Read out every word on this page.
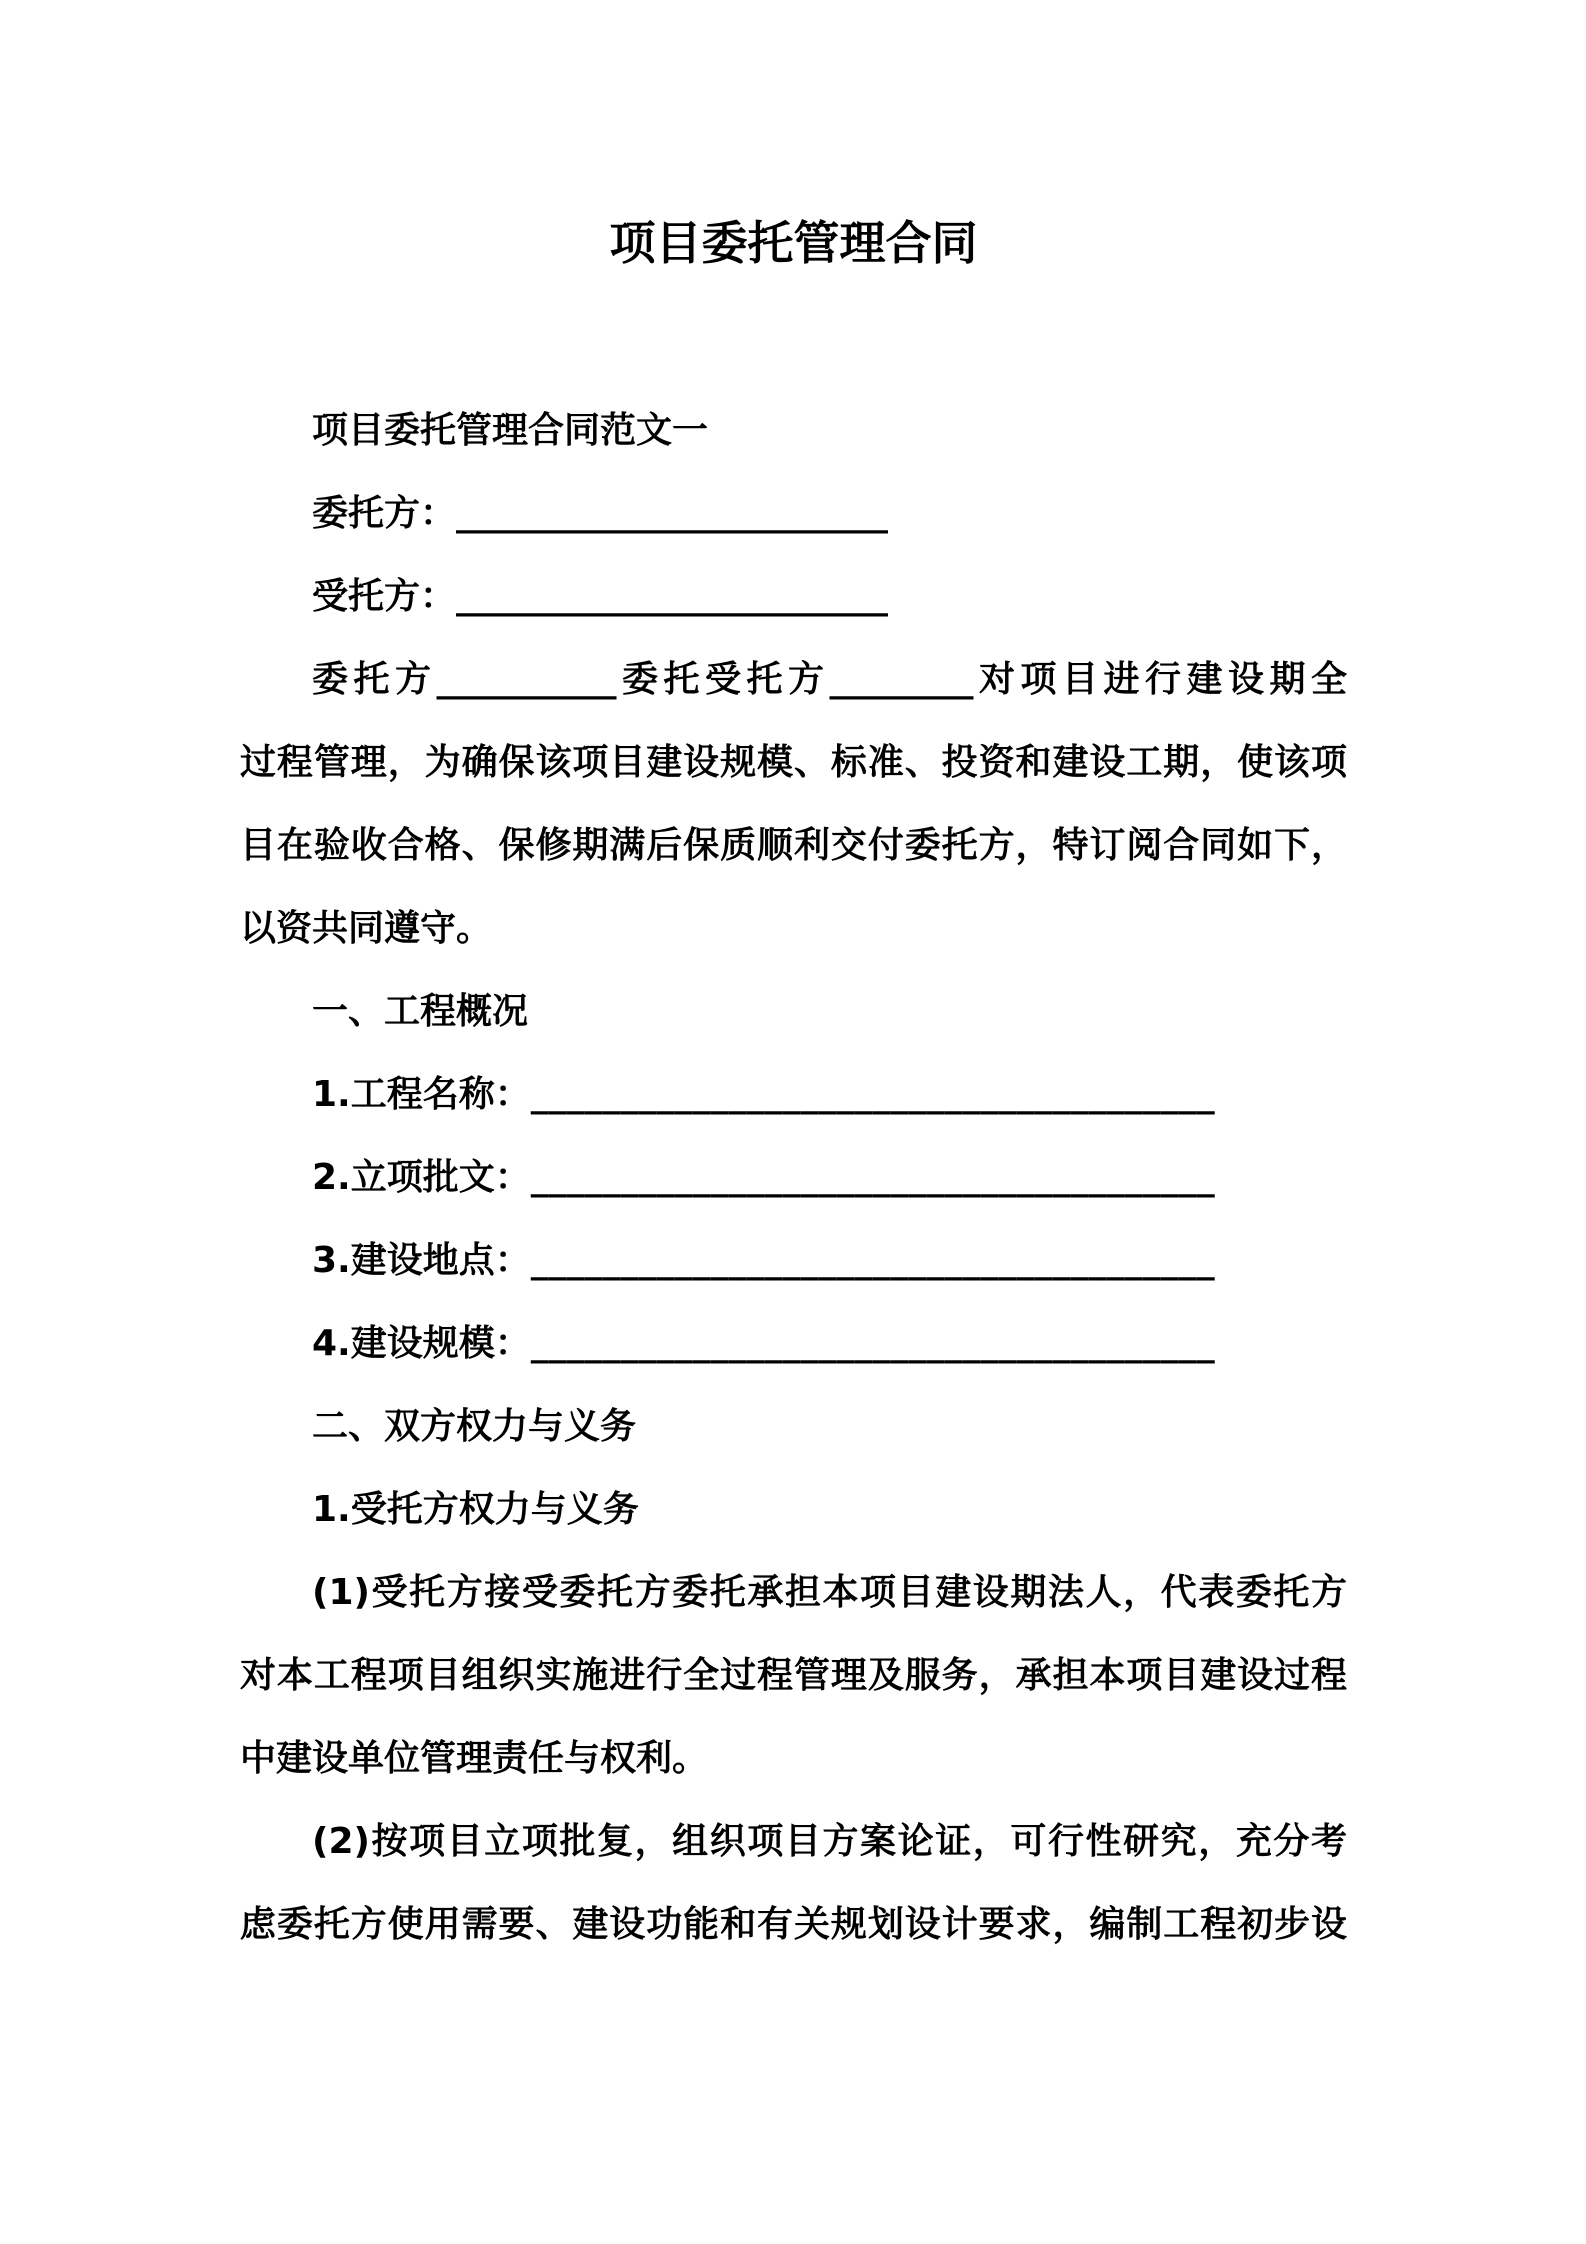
项目委托管理合同
项目委托管理合同范文一
委托方：________________________
受托方：________________________
委托方__________委托受托方________对项目进行建设期全
过程管理，为确保该项目建设规模、标准、投资和建设工期，使该项
目在验收合格、保修期满后保质顺利交付委托方，特订阅合同如下，
以资共同遵守。
一、工程概况
1.工程名称：______________________________________
2.立项批文：______________________________________
3.建设地点：______________________________________
4.建设规模：______________________________________
二、双方权力与义务
1.受托方权力与义务
(1)受托方接受委托方委托承担本项目建设期法人，代表委托方
对本工程项目组织实施进行全过程管理及服务，承担本项目建设过程
中建设单位管理责任与权利。
(2)按项目立项批复，组织项目方案论证，可行性研究，充分考
虑委托方使用需要、建设功能和有关规划设计要求，编制工程初步设
